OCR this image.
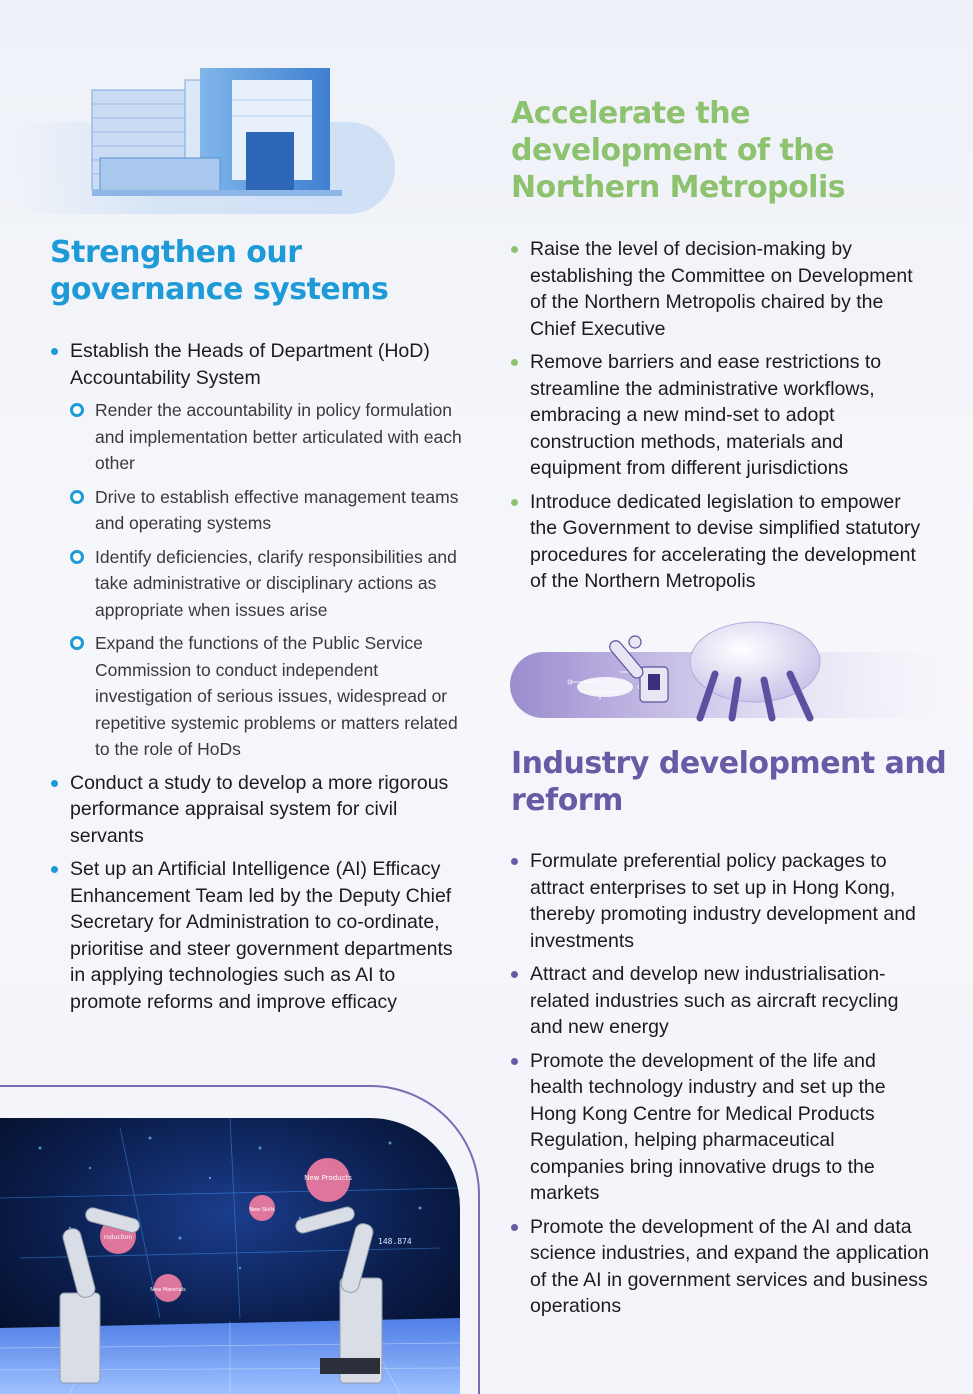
Strengthen our governance systems
Establish the Heads of Department (HoD) Accountability System
Render the accountability in policy formulation and implementation better articulated with each other
Drive to establish effective management teams and operating systems
Identify deficiencies, clarify responsibilities and take administrative or disciplinary actions as appropriate when issues arise
Expand the functions of the Public Service Commission to conduct independent investigation of serious issues, widespread or repetitive systemic problems or matters related to the role of HoDs
Conduct a study to develop a more rigorous performance appraisal system for civil servants
Set up an Artificial Intelligence (AI) Efficacy Enhancement Team led by the Deputy Chief Secretary for Administration to co-ordinate, prioritise and steer government departments in applying technologies such as AI to promote reforms and improve efficacy
New Products
New Skills
New Materials
roduction	148.874
Accelerate the development of the Northern Metropolis
Raise the level of decision-making by establishing the Committee on Development of the Northern Metropolis chaired by the Chief Executive
Remove barriers and ease restrictions to streamline the administrative workflows, embracing a new mind-set to adopt construction methods, materials and equipment from different jurisdictions
Introduce dedicated legislation to empower the Government to devise simplified statutory procedures for accelerating the development of the Northern Metropolis
Industry development and reform
Formulate preferential policy packages to attract enterprises to set up in Hong Kong, thereby promoting industry development and investments
Attract and develop new industrialisation-related industries such as aircraft recycling and new energy
Promote the development of the life and health technology industry and set up the Hong Kong Centre for Medical Products Regulation, helping pharmaceutical companies bring innovative drugs to the markets
Promote the development of the AI and data science industries, and expand the application of the AI in government services and business operations
